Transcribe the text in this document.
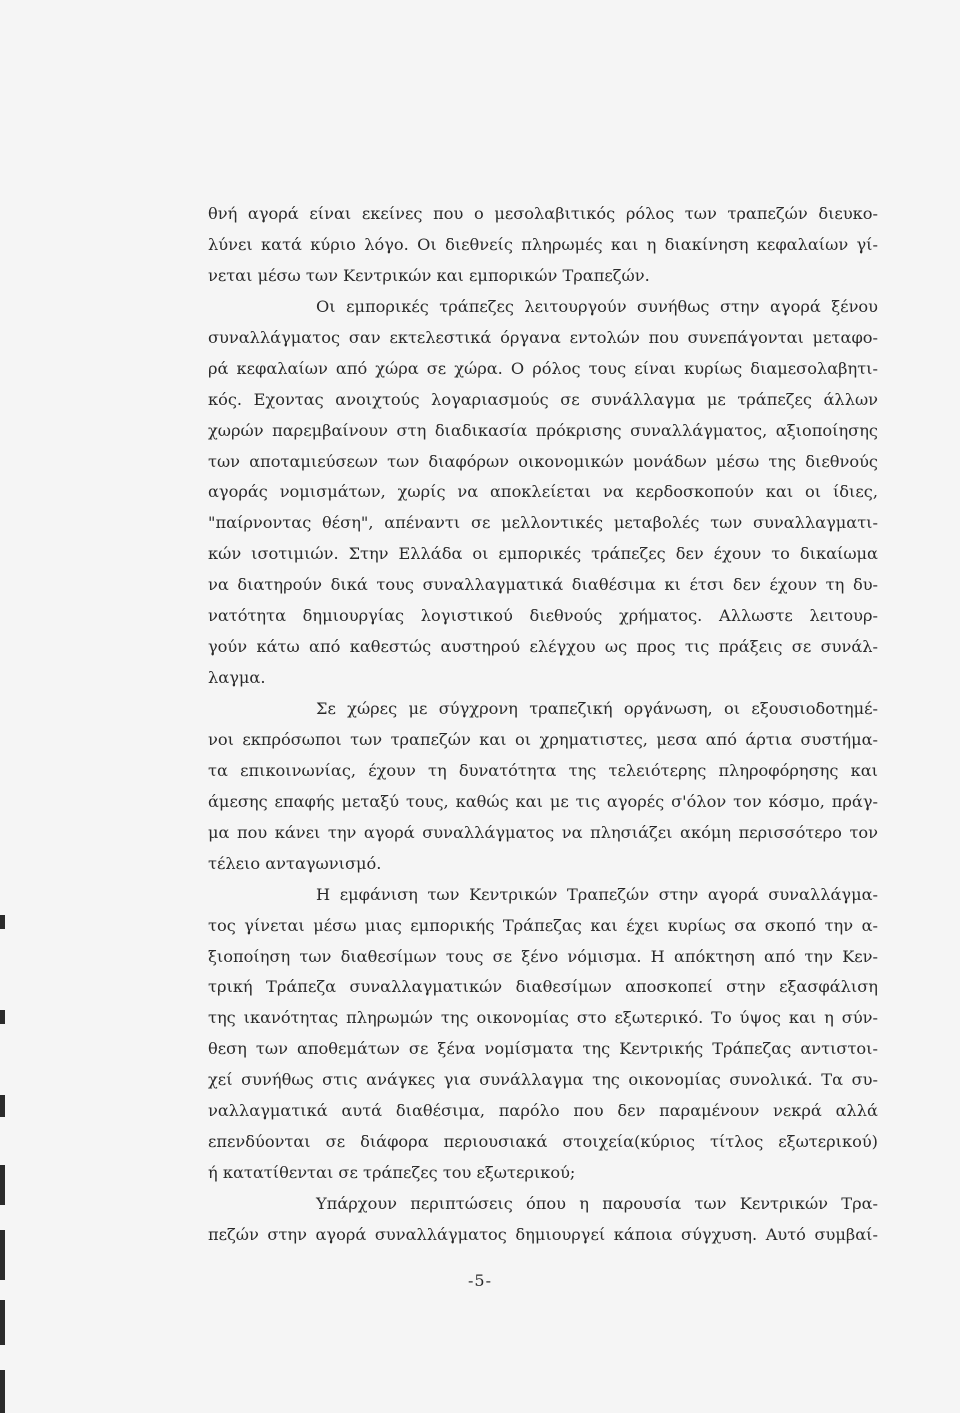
θνή αγορά είναι εκείνες που ο μεσολαβιτικός ρόλος των τραπεζών διευκο-
λύνει κατά κύριο λόγο. Οι διεθνείς πληρωμές και η διακίνηση κεφαλαίων γί-
νεται μέσω των Κεντρικών και εμπορικών Τραπεζών.
Οι εμπορικές τράπεζες λειτουργούν συνήθως στην αγορά ξένου
συναλλάγματος σαν εκτελεστικά όργανα εντολών που συνεπάγονται μεταφο-
ρά κεφαλαίων από χώρα σε χώρα. Ο ρόλος τους είναι κυρίως διαμεσολαβητι-
κός. Εχοντας ανοιχτούς λογαριασμούς σε συνάλλαγμα με τράπεζες άλλων
χωρών παρεμβαίνουν στη διαδικασία πρόκρισης συναλλάγματος, αξιοποίησης
των αποταμιεύσεων των διαφόρων οικονομικών μονάδων μέσω της διεθνούς
αγοράς νομισμάτων, χωρίς να αποκλείεται να κερδοσκοπούν και οι ίδιες,
"παίρνοντας θέση", απέναντι σε μελλοντικές μεταβολές των συναλλαγματι-
κών ισοτιμιών. Στην Ελλάδα οι εμπορικές τράπεζες δεν έχουν το δικαίωμα
να διατηρούν δικά τους συναλλαγματικά διαθέσιμα κι έτσι δεν έχουν τη δυ-
νατότητα δημιουργίας λογιστικού διεθνούς χρήματος. Αλλωστε λειτουρ-
γούν κάτω από καθεστώς αυστηρού ελέγχου ως προς τις πράξεις σε συνάλ-
λαγμα.
Σε χώρες με σύγχρονη τραπεζική οργάνωση, οι εξουσιοδοτημέ-
νοι εκπρόσωποι των τραπεζών και οι χρηματιστες, μεσα από άρτια συστήμα-
τα επικοινωνίας, έχουν τη δυνατότητα της τελειότερης πληροφόρησης και
άμεσης επαφής μεταξύ τους, καθώς και με τις αγορές σ'όλον τον κόσμο, πράγ-
μα που κάνει την αγορά συναλλάγματος να πλησιάζει ακόμη περισσότερο τον
τέλειο ανταγωνισμό.
Η εμφάνιση των Κεντρικών Τραπεζών στην αγορά συναλλάγμα-
τος γίνεται μέσω μιας εμπορικής Τράπεζας και έχει κυρίως σα σκοπό την α-
ξιοποίηση των διαθεσίμων τους σε ξένο νόμισμα. Η απόκτηση από την Κεν-
τρική Τράπεζα συναλλαγματικών διαθεσίμων αποσκοπεί στην εξασφάλιση
της ικανότητας πληρωμών της οικονομίας στο εξωτερικό. Το ύψος και η σύν-
θεση των αποθεμάτων σε ξένα νομίσματα της Κεντρικής Τράπεζας αντιστοι-
χεί συνήθως στις ανάγκες για συνάλλαγμα της οικονομίας συνολικά. Τα συ-
ναλλαγματικά αυτά διαθέσιμα, παρόλο που δεν παραμένουν νεκρά αλλά
επενδύονται σε διάφορα περιουσιακά στοιχεία(κύριος τίτλος εξωτερικού)
ή κατατίθενται σε τράπεζες του εξωτερικού;
Υπάρχουν περιπτώσεις όπου η παρουσία των Κεντρικών Τρα-
πεζών στην αγορά συναλλάγματος δημιουργεί κάποια σύγχυση. Αυτό συμβαί-
-5-
